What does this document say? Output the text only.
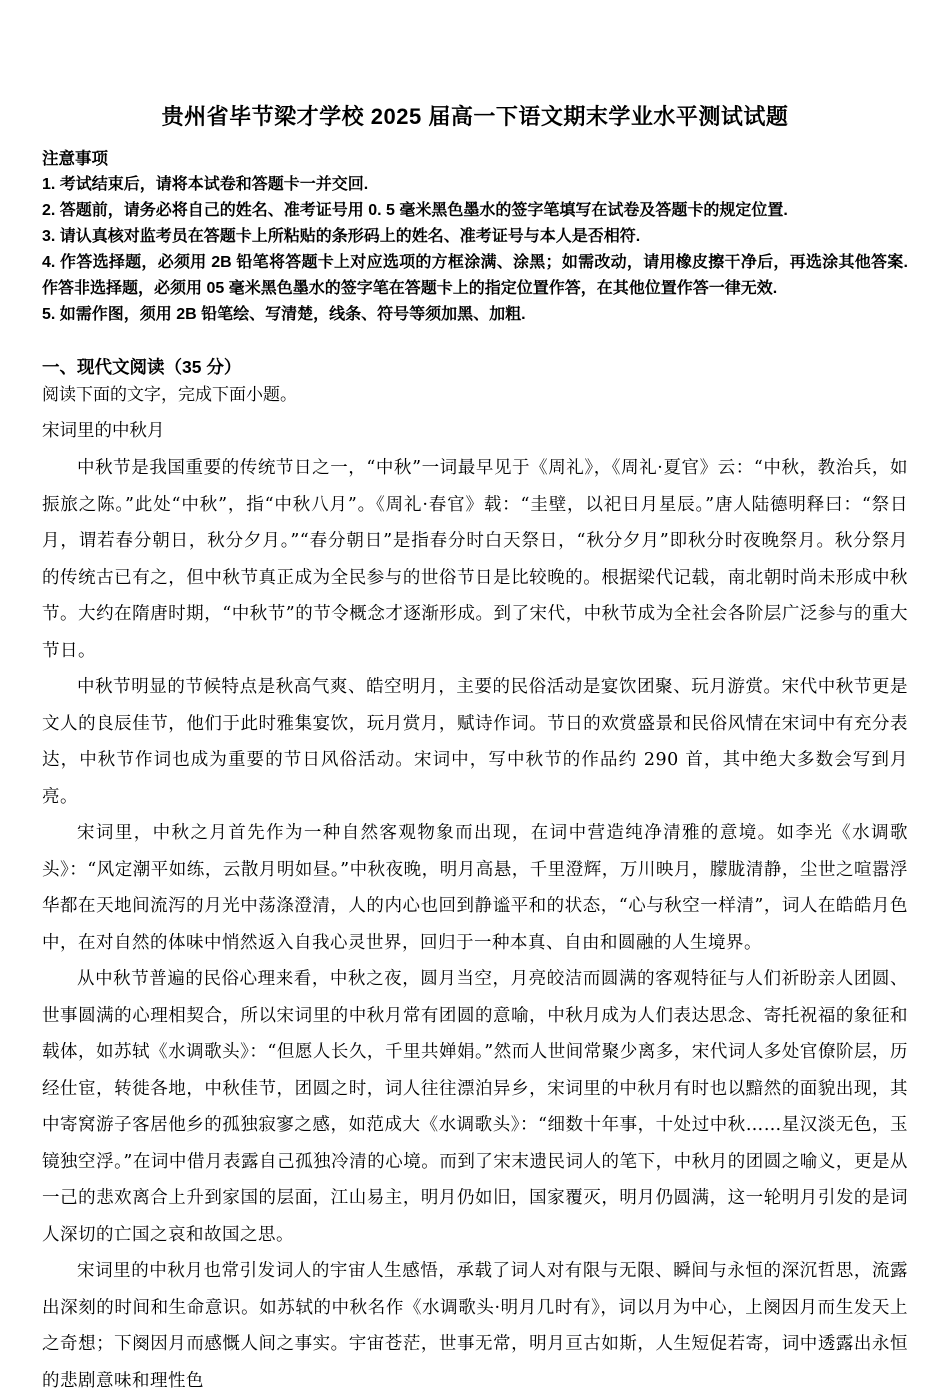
贵州省毕节梁才学校 2025 届高一下语文期末学业水平测试试题
注意事项

1. 考试结束后，请将本试卷和答题卡一并交回.

2. 答题前，请务必将自己的姓名、准考证号用 0. 5 毫米黑色墨水的签字笔填写在试卷及答题卡的规定位置.

3. 请认真核对监考员在答题卡上所粘贴的条形码上的姓名、准考证号与本人是否相符.

4. 作答选择题，必须用 2B 铅笔将答题卡上对应选项的方框涂满、涂黑；如需改动，请用橡皮擦干净后，再选涂其他答案. 作答非选择题，必须用 05 毫米黑色墨水的签字笔在答题卡上的指定位置作答，在其他位置作答一律无效.

5. 如需作图，须用 2B 铅笔绘、写清楚，线条、符号等须加黑、加粗.

一、现代文阅读（35 分）
阅读下面的文字，完成下面小题。
宋词里的中秋月

中秋节是我国重要的传统节日之一，“中秋”一词最早见于《周礼》，《周礼·夏官》云：“中秋，教治兵，如振旅之陈。”此处“中秋”，指“中秋八月”。《周礼·春官》载：“圭壁，以祀日月星辰。”唐人陆德明释曰：“祭日月，谓若春分朝日，秋分夕月。”“春分朝日”是指春分时白天祭日，“秋分夕月”即秋分时夜晚祭月。秋分祭月的传统古已有之，但中秋节真正成为全民参与的世俗节日是比较晚的。根据梁代记载，南北朝时尚未形成中秋节。大约在隋唐时期，“中秋节”的节令概念才逐渐形成。到了宋代，中秋节成为全社会各阶层广泛参与的重大节日。

中秋节明显的节候特点是秋高气爽、皓空明月，主要的民俗活动是宴饮团聚、玩月游赏。宋代中秋节更是文人的良辰佳节，他们于此时雅集宴饮，玩月赏月，赋诗作词。节日的欢赏盛景和民俗风情在宋词中有充分表达，中秋节作词也成为重要的节日风俗活动。宋词中，写中秋节的作品约 290 首，其中绝大多数会写到月亮。

宋词里，中秋之月首先作为一种自然客观物象而出现，在词中营造纯净清雅的意境。如李光《水调歌头》：“风定潮平如练，云散月明如昼。”中秋夜晚，明月高悬，千里澄辉，万川映月，朦胧清静，尘世之喧嚣浮华都在天地间流泻的月光中荡涤澄清，人的内心也回到静谧平和的状态，“心与秋空一样清”，词人在皓皓月色中，在对自然的体味中悄然返入自我心灵世界，回归于一种本真、自由和圆融的人生境界。

从中秋节普遍的民俗心理来看，中秋之夜，圆月当空，月亮皎洁而圆满的客观特征与人们祈盼亲人团圆、世事圆满的心理相契合，所以宋词里的中秋月常有团圆的意喻，中秋月成为人们表达思念、寄托祝福的象征和载体，如苏轼《水调歌头》：“但愿人长久，千里共婵娟。”然而人世间常聚少离多，宋代词人多处官僚阶层，历经仕宦，转徙各地，中秋佳节，团圆之时，词人往往漂泊异乡，宋词里的中秋月有时也以黯然的面貌出现，其中寄窝游子客居他乡的孤独寂寥之感，如范成大《水调歌头》：“细数十年事，十处过中秋……星汉淡无色，玉镜独空浮。”在词中借月表露自己孤独冷清的心境。而到了宋末遗民词人的笔下，中秋月的团圆之喻义，更是从一己的悲欢离合上升到家国的层面，江山易主，明月仍如旧，国家覆灭，明月仍圆满，这一轮明月引发的是词人深切的亡国之哀和故国之思。

宋词里的中秋月也常引发词人的宇宙人生感悟，承载了词人对有限与无限、瞬间与永恒的深沉哲思，流露出深刻的时间和生命意识。如苏轼的中秋名作《水调歌头·明月几时有》，词以月为中心，上阕因月而生发天上之奇想；下阕因月而感慨人间之事实。宇宙苍茫，世事无常，明月亘古如斯，人生短促若寄，词中透露出永恒的悲剧意味和理性色
